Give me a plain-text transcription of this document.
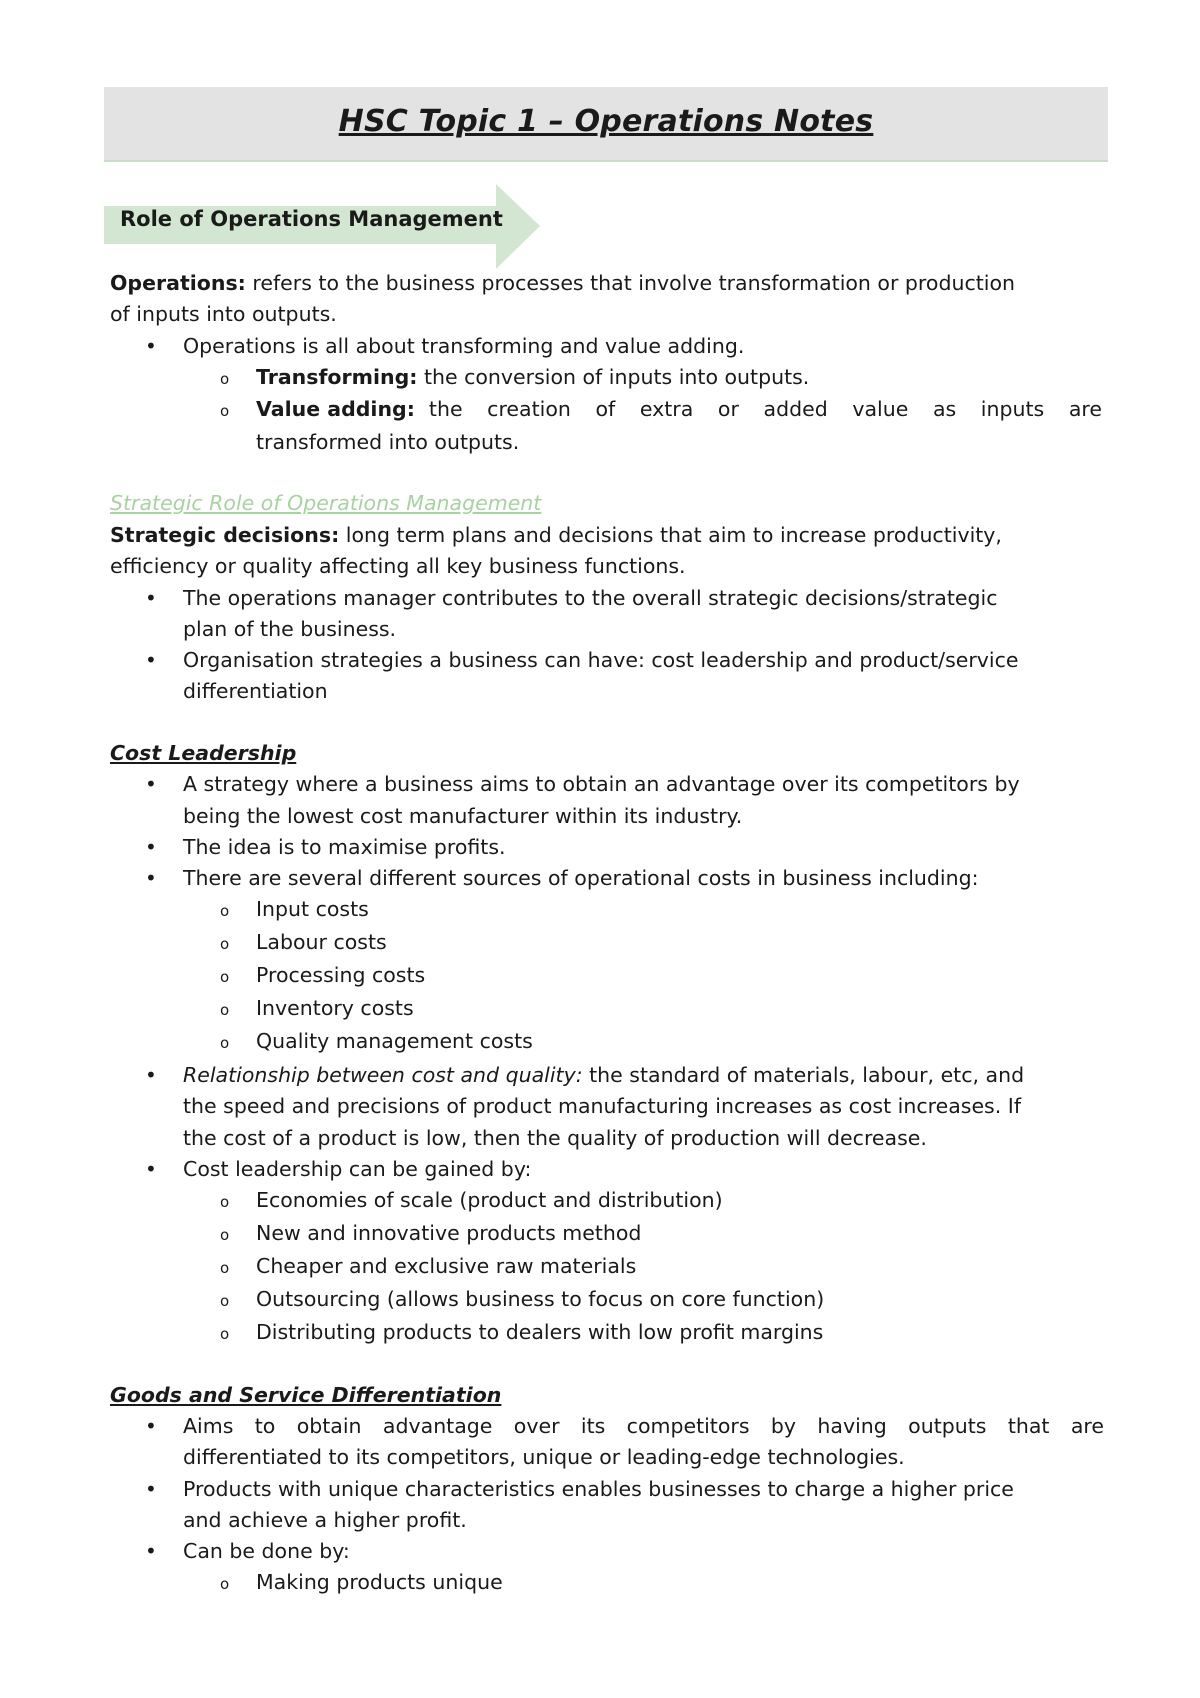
HSC Topic 1 – Operations Notes
Role of Operations Management

Operations: refers to the business processes that involve transformation or production

of inputs into outputs.

• Operations is all about transforming and value adding.

o Transforming: the conversion of inputs into outputs.

o Value adding: the creation of extra or added value as inputs are

transformed into outputs.

Strategic Role of Operations Management

Strategic decisions: long term plans and decisions that aim to increase productivity,

efficiency or quality affecting all key business functions.

• The operations manager contributes to the overall strategic decisions/strategic

plan of the business.

• Organisation strategies a business can have: cost leadership and product/service

differentiation

Cost Leadership

• A strategy where a business aims to obtain an advantage over its competitors by

being the lowest cost manufacturer within its industry.

• The idea is to maximise profits.

• There are several different sources of operational costs in business including:

o Input costs

o Labour costs

o Processing costs

o Inventory costs

o Quality management costs

• Relationship between cost and quality: the standard of materials, labour, etc, and

the speed and precisions of product manufacturing increases as cost increases. If

the cost of a product is low, then the quality of production will decrease.

• Cost leadership can be gained by:

o Economies of scale (product and distribution)

o New and innovative products method

o Cheaper and exclusive raw materials

o Outsourcing (allows business to focus on core function)

o Distributing products to dealers with low profit margins

Goods and Service Differentiation

• Aims to obtain advantage over its competitors by having outputs that are

differentiated to its competitors, unique or leading-edge technologies.

• Products with unique characteristics enables businesses to charge a higher price

and achieve a higher profit.

• Can be done by:

o Making products unique
